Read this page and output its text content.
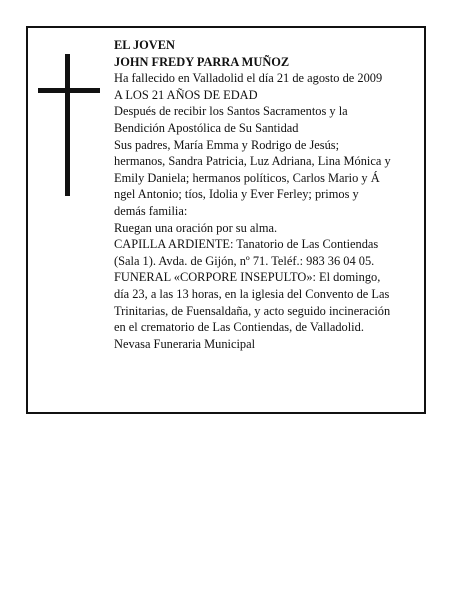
EL JOVEN
JOHN FREDY PARRA MUÑOZ
Ha fallecido en Valladolid el día 21 de agosto de 2009
A LOS 21 AÑOS DE EDAD
Después de recibir los Santos Sacramentos y la
Bendición Apostólica de Su Santidad
Sus padres, María Emma y Rodrigo de Jesús;
hermanos, Sandra Patricia, Luz Adriana, Lina Mónica y
Emily Daniela; hermanos políticos, Carlos Mario y Á
ngel Antonio; tíos, Idolia y Ever Ferley; primos y
demás familia:
Ruegan una oración por su alma.
CAPILLA ARDIENTE: Tanatorio de Las Contiendas
(Sala 1). Avda. de Gijón, nº 71. Teléf.: 983 36 04 05.
FUNERAL «CORPORE INSEPULTO»: El domingo,
día 23, a las 13 horas, en la iglesia del Convento de Las
Trinitarias, de Fuensaldaña, y acto seguido incineración
en el crematorio de Las Contiendas, de Valladolid.
Nevasa Funeraria Municipal
